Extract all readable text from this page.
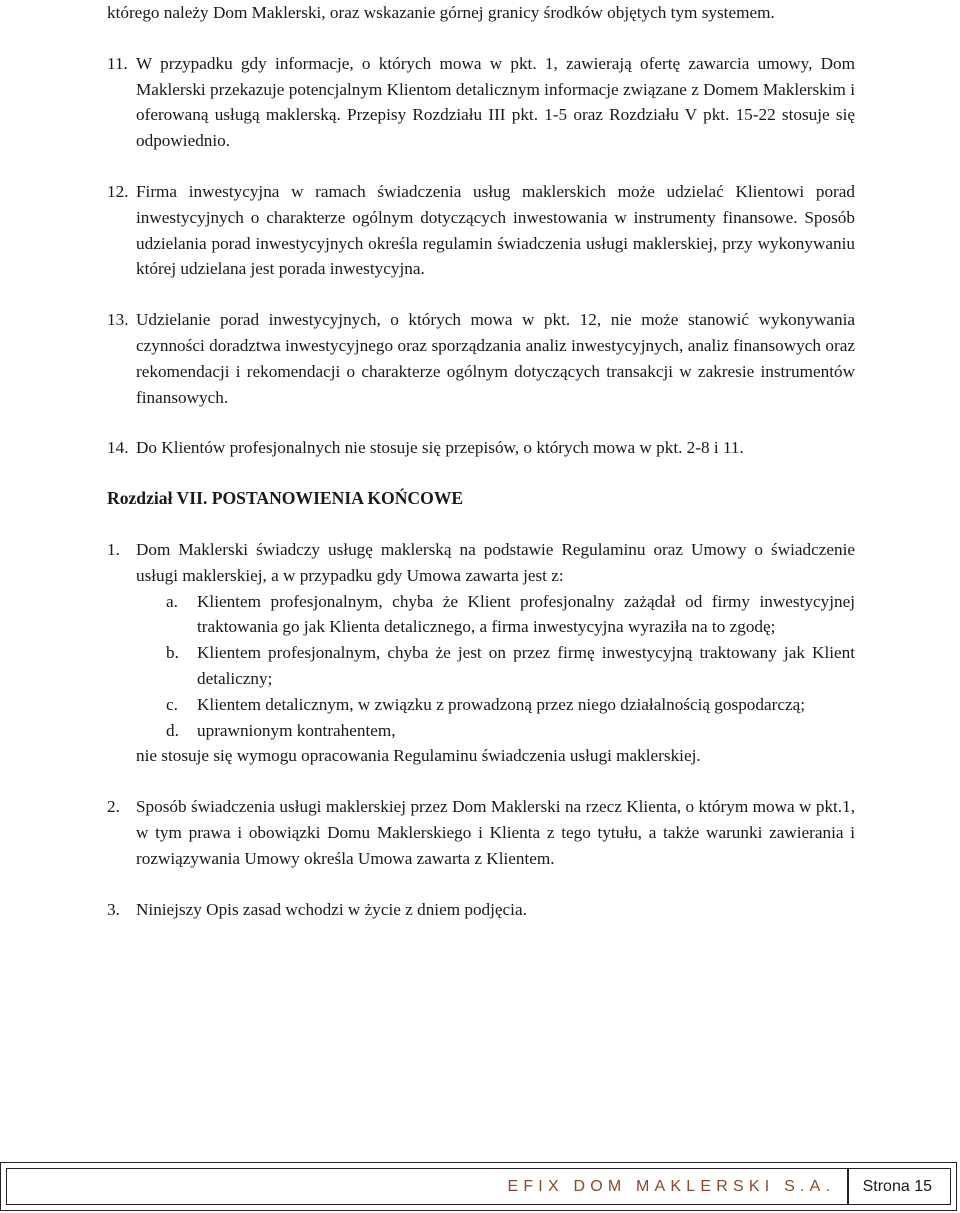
którego należy Dom Maklerski, oraz wskazanie górnej granicy środków objętych tym systemem.

11. W przypadku gdy informacje, o których mowa w pkt. 1, zawierają ofertę zawarcia umowy, Dom Maklerski przekazuje potencjalnym Klientom detalicznym informacje związane z Domem Maklerskim i oferowaną usługą maklerską. Przepisy Rozdziału III pkt. 1-5 oraz Rozdziału V pkt. 15-22 stosuje się odpowiednio.
12. Firma inwestycyjna w ramach świadczenia usług maklerskich może udzielać Klientowi porad inwestycyjnych o charakterze ogólnym dotyczących inwestowania w instrumenty finansowe. Sposób udzielania porad inwestycyjnych określa regulamin świadczenia usługi maklerskiej, przy wykonywaniu której udzielana jest porada inwestycyjna.
13. Udzielanie porad inwestycyjnych, o których mowa w pkt. 12, nie może stanowić wykonywania czynności doradztwa inwestycyjnego oraz sporządzania analiz inwestycyjnych, analiz finansowych oraz rekomendacji i rekomendacji o charakterze ogólnym dotyczących transakcji w zakresie instrumentów finansowych.
14. Do Klientów profesjonalnych nie stosuje się przepisów, o których mowa w pkt. 2-8 i 11.
Rozdział VII. POSTANOWIENIA KOŃCOWE
1. Dom Maklerski świadczy usługę maklerską na podstawie Regulaminu oraz Umowy o świadczenie usługi maklerskiej, a w przypadku gdy Umowa zawarta jest z:
a.	Klientem profesjonalnym, chyba że Klient profesjonalny zażądał od firmy inwestycyjnej traktowania go jak Klienta detalicznego, a firma inwestycyjna wyraziła na to zgodę;
b.	Klientem profesjonalnym, chyba że jest on przez firmę inwestycyjną traktowany jak Klient detaliczny;
c.	Klientem detalicznym, w związku z prowadzoną przez niego działalnością gospodarczą;
d.	uprawnionym kontrahentem,

nie stosuje się wymogu opracowania Regulaminu świadczenia usługi maklerskiej.

2. Sposób świadczenia usługi maklerskiej przez Dom Maklerski na rzecz Klienta, o którym mowa w pkt.1, w tym prawa i obowiązki Domu Maklerskiego i Klienta z tego tytułu, a także warunki zawierania i rozwiązywania Umowy określa Umowa zawarta z Klientem.
3. Niniejszy Opis zasad wchodzi w życie z dniem podjęcia.
EFIX DOM MAKLERSKI S.A.	Strona 15
